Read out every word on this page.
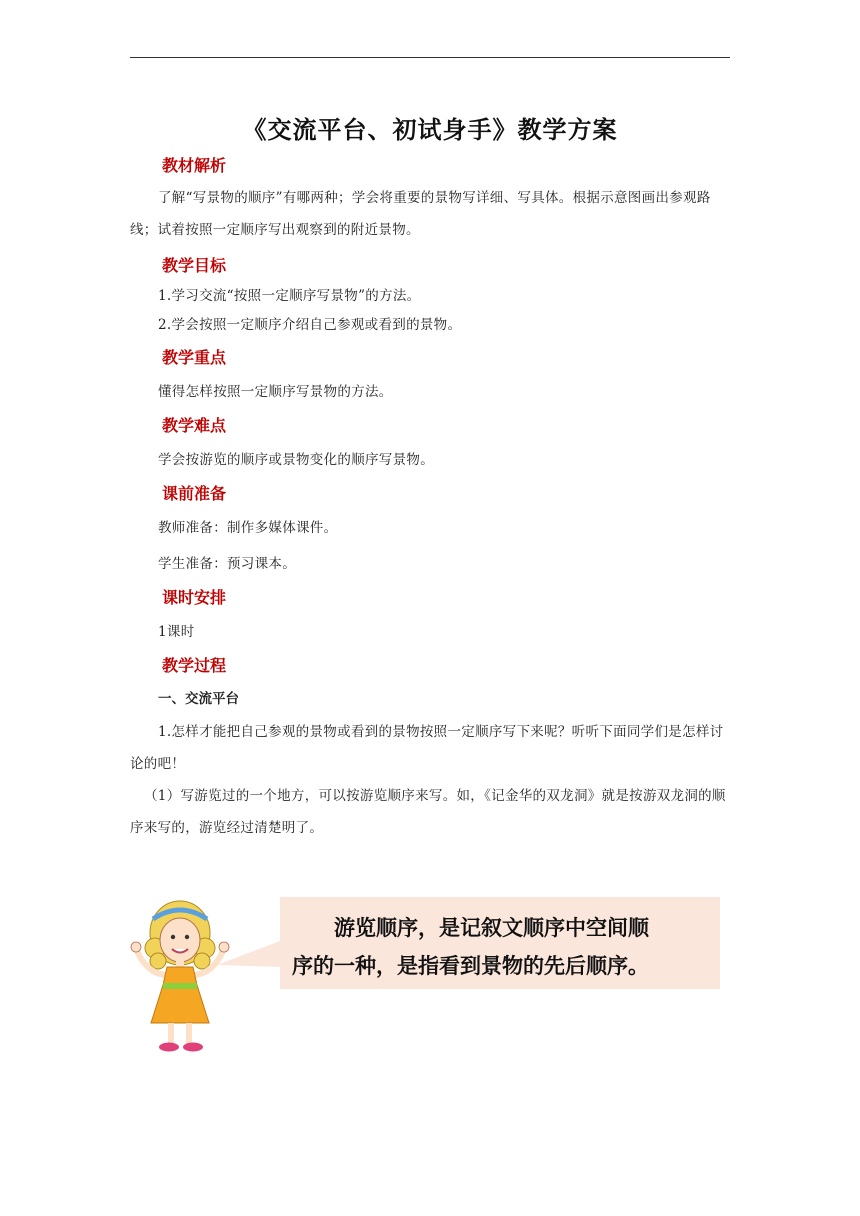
《交流平台、初试身手》教学方案

教材解析

了解“写景物的顺序”有哪两种；学会将重要的景物写详细、写具体。根据示意图画出参观路线；试着按照一定顺序写出观察到的附近景物。

教学目标

1.学习交流“按照一定顺序写景物”的方法。

2.学会按照一定顺序介绍自己参观或看到的景物。

教学重点

懂得怎样按照一定顺序写景物的方法。

教学难点

学会按游览的顺序或景物变化的顺序写景物。

课前准备

教师准备：制作多媒体课件。

学生准备：预习课本。

课时安排

1课时

教学过程

一、交流平台

1.怎样才能把自己参观的景物或看到的景物按照一定顺序写下来呢？听听下面同学们是怎样讨论的吧！

（1）写游览过的一个地方，可以按游览顺序来写。如，《记金华的双龙洞》就是按游双龙洞的顺序来写的，游览经过清楚明了。

游览顺序，是记叙文顺序中空间顺
序的一种，是指看到景物的先后顺序。
